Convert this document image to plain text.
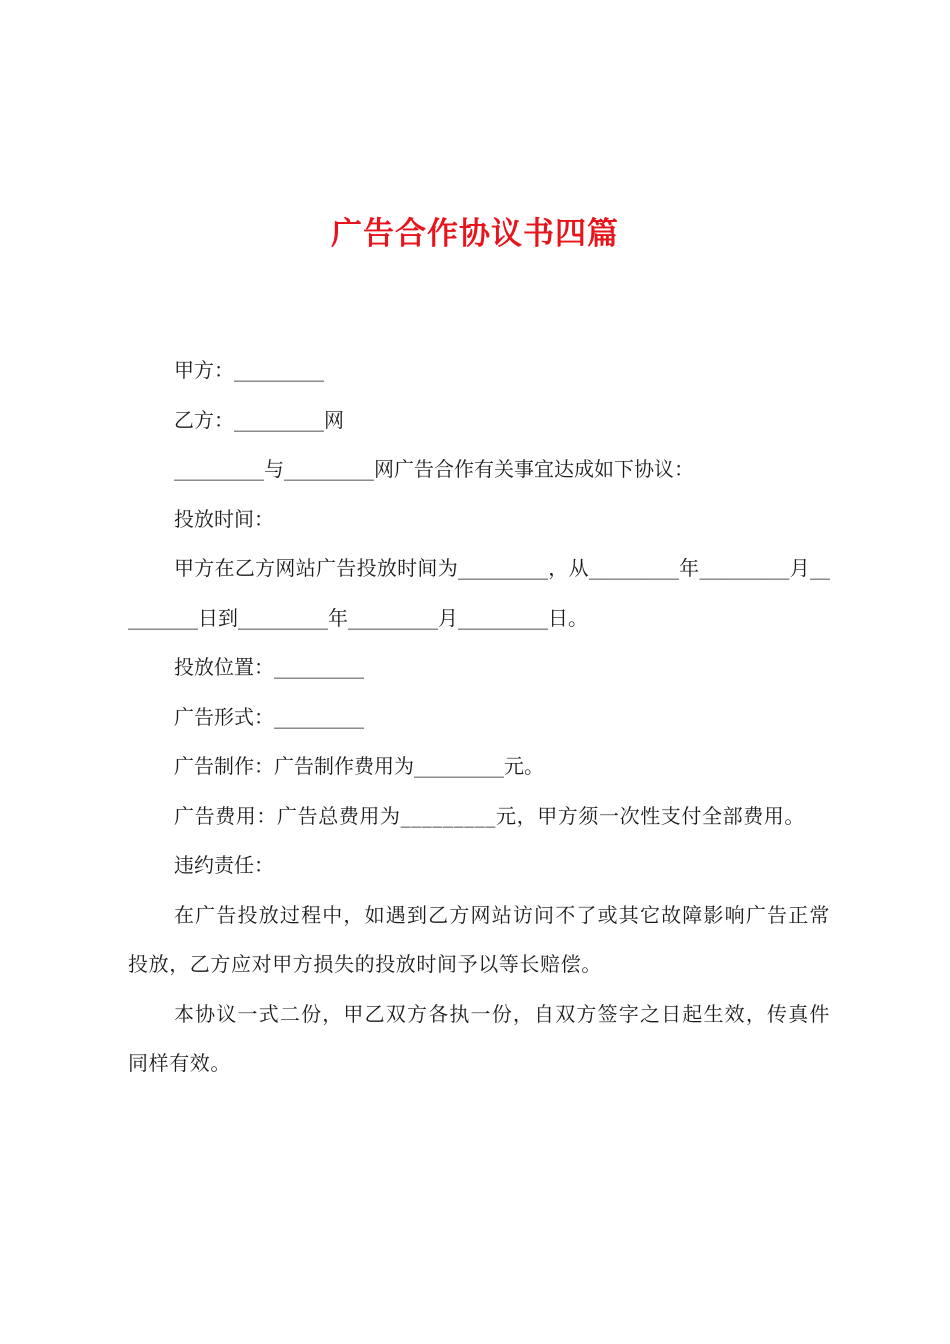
广告合作协议书四篇

甲方：_________

乙方：_________网

_________与_________网广告合作有关事宜达成如下协议：

投放时间：

甲方在乙方网站广告投放时间为_________，从_________年_________月_________日到_________年_________月_________日。

投放位置：_________

广告形式：_________

广告制作：广告制作费用为_________元。

广告费用：广告总费用为_________元，甲方须一次性支付全部费用。

违约责任：

在广告投放过程中，如遇到乙方网站访问不了或其它故障影响广告正常投放，乙方应对甲方损失的投放时间予以等长赔偿。

本协议一式二份，甲乙双方各执一份，自双方签字之日起生效，传真件同样有效。
